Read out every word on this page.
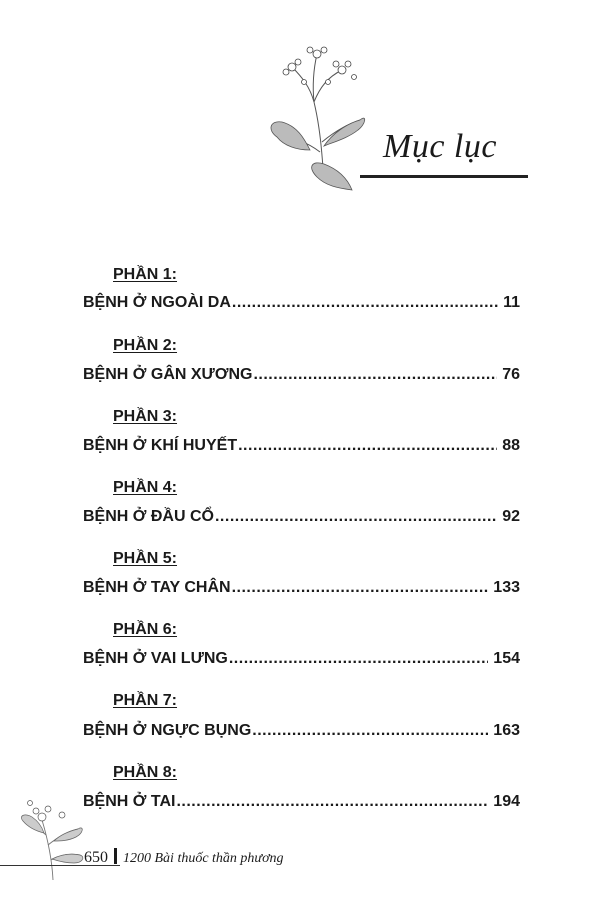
Mục lục
PHẦN 1:
BỆNH Ở NGOÀI DA .....	11
PHẦN 2:
BỆNH Ở GÂN XƯƠNG .....	76
PHẦN 3:
BỆNH Ở KHÍ HUYẾT .....	88
PHẦN 4:
BỆNH Ở ĐẦU CỔ .....	92
PHẦN 5:
BỆNH Ở TAY CHÂN .....	133
PHẦN 6:
BỆNH Ở VAI LƯNG .....	154
PHẦN 7:
BỆNH Ở NGỰC BỤNG .....	163
PHẦN 8:
BỆNH Ở TAI .....	194
650 1200 Bài thuốc thần phương
